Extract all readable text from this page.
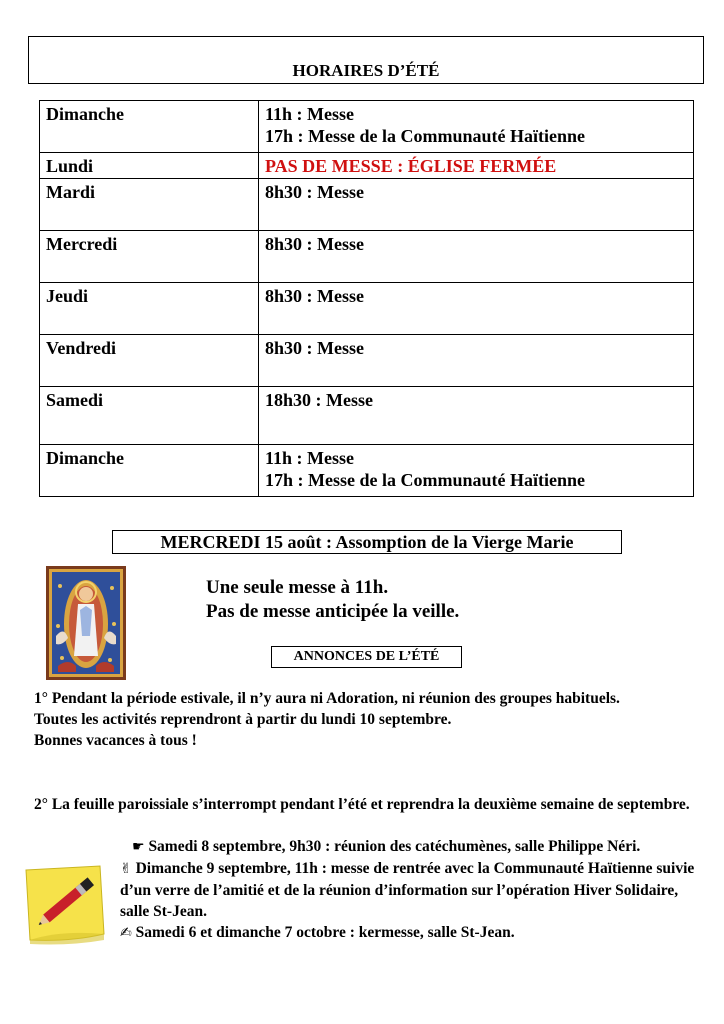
HORAIRES D’ÉTÉ
Dimanche	11h : Messe
17h : Messe de la Communauté Haïtienne

Lundi	PAS DE MESSE : ÉGLISE FERMÉE

Mardi	8h30 : Messe

Mercredi	8h30 : Messe

Jeudi	8h30 : Messe

Vendredi	8h30 : Messe

Samedi	18h30 : Messe

Dimanche	11h : Messe
17h : Messe de la Communauté Haïtienne
MERCREDI 15 août : Assomption de la Vierge Marie
Une seule messe à 11h.
Pas de messe anticipée la veille.
ANNONCES DE L’ÉTÉ
1° Pendant la période estivale, il n’y aura ni Adoration, ni réunion des groupes habituels.
Toutes les activités reprendront à partir du lundi 10 septembre.
Bonnes vacances à tous !
2° La feuille paroissiale s’interrompt pendant l’été et reprendra la deuxième semaine de septembre.
☛ Samedi 8 septembre, 9h30 : réunion des catéchumènes, salle Philippe Néri.
✌ Dimanche 9 septembre, 11h : messe de rentrée avec la Communauté Haïtienne suivie d’un verre de l’amitié et de la réunion d’information sur l’opération Hiver Solidaire, salle St-Jean.
✍ Samedi 6 et dimanche 7 octobre : kermesse, salle St-Jean.
